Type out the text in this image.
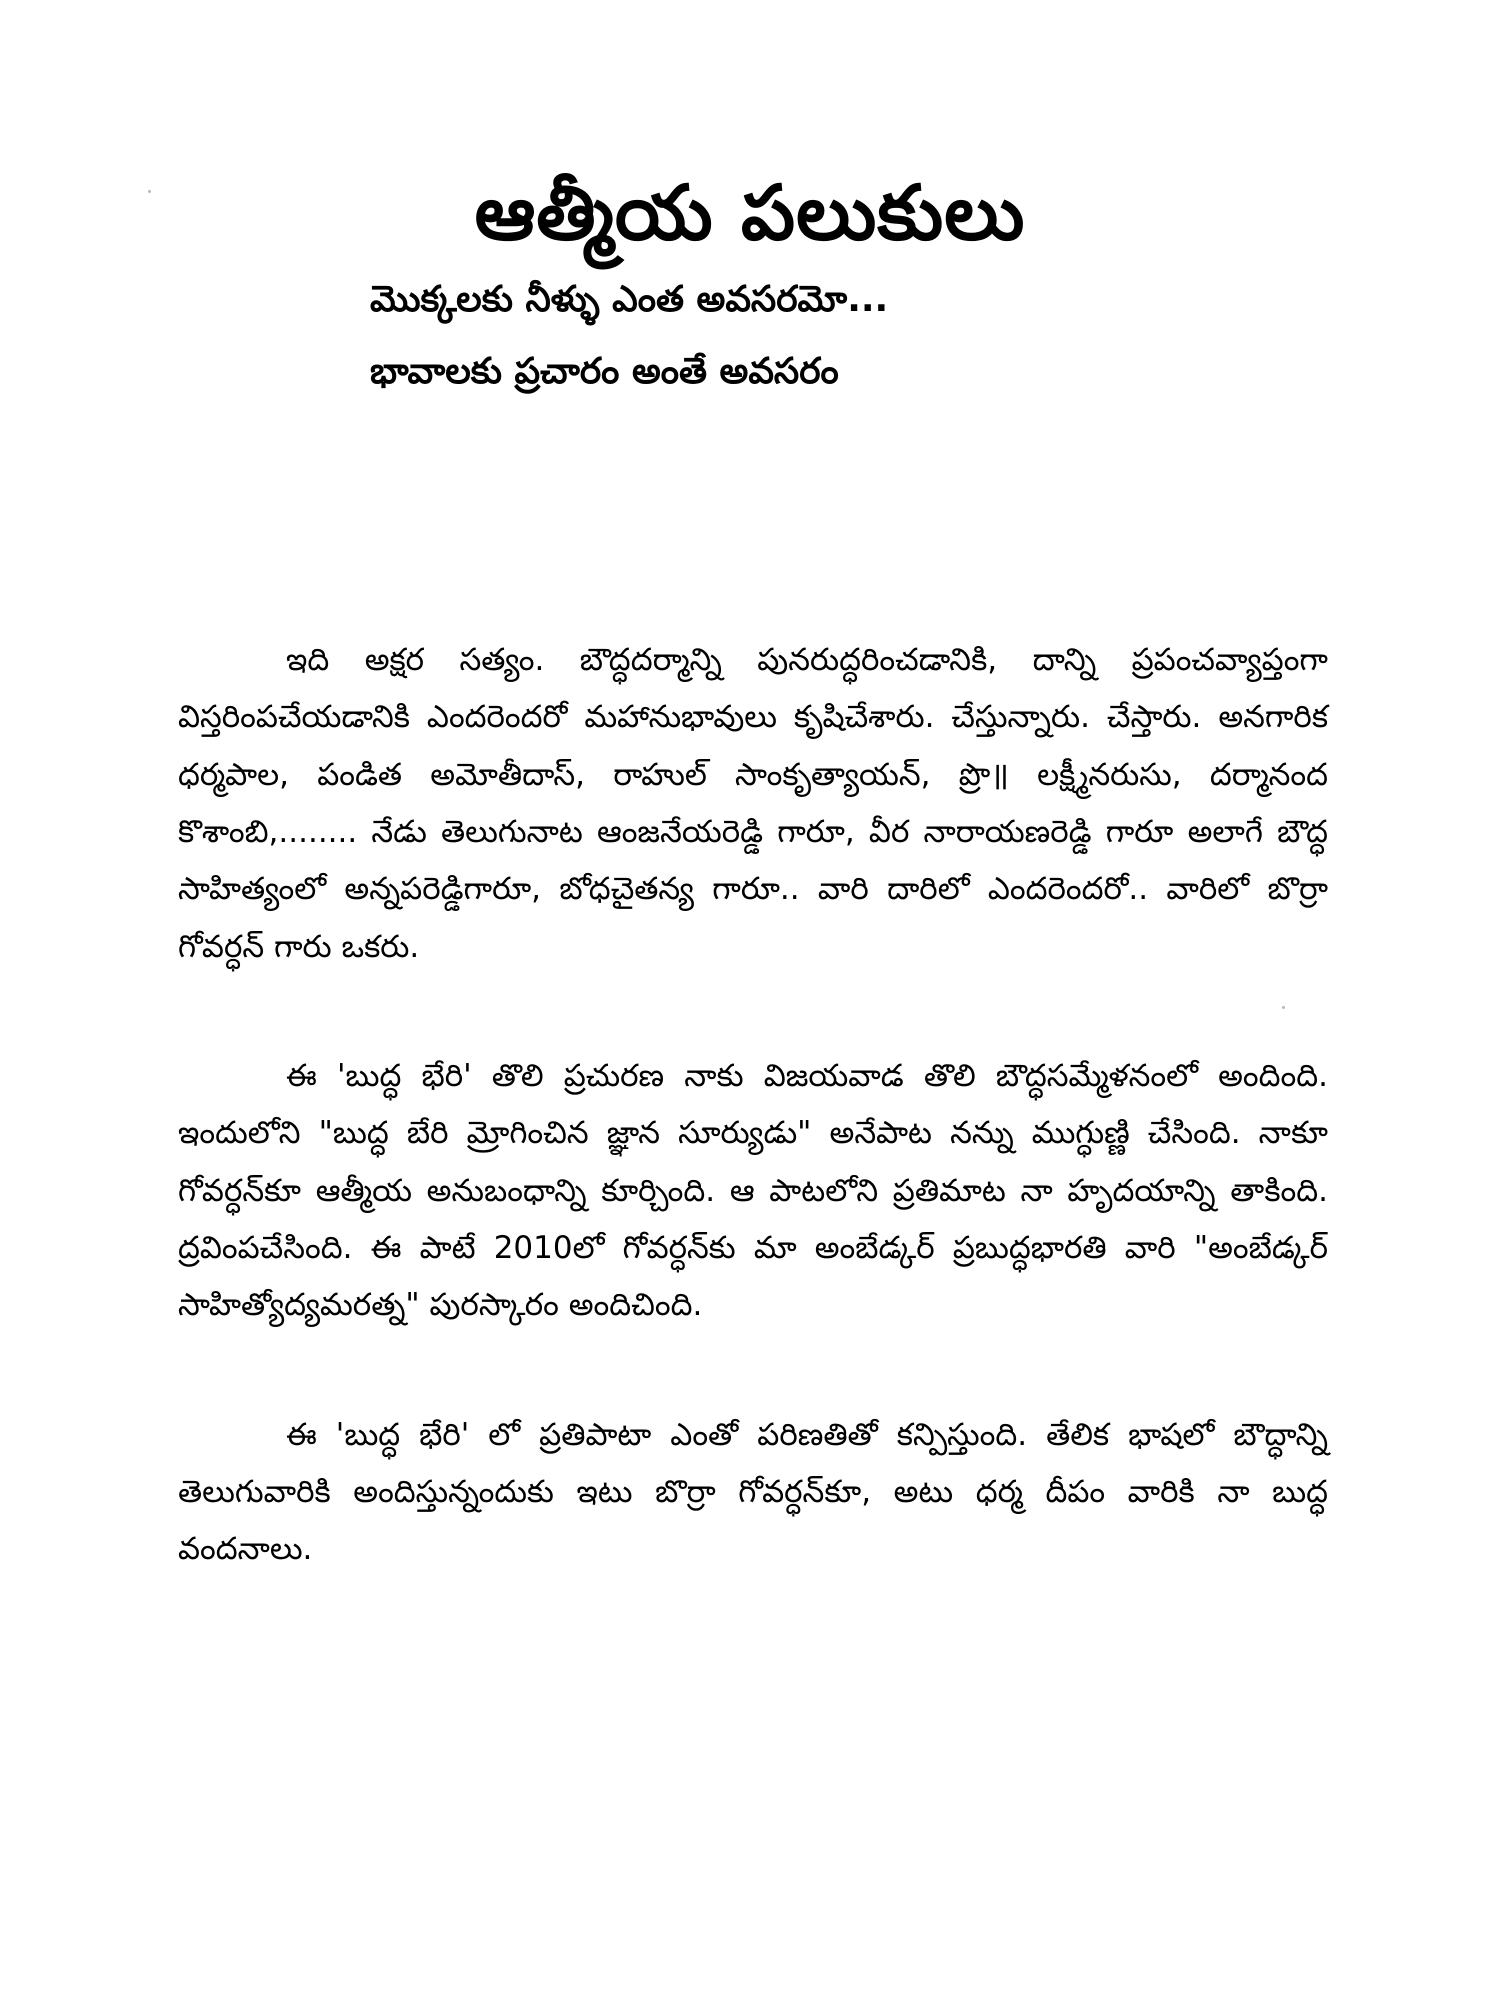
ఆత్మీయ పలుకులు
మొక్కలకు నీళ్ళు ఎంత అవసరమో...
భావాలకు ప్రచారం అంతే అవసరం

ఇది అక్షర సత్యం. బౌద్ధదర్మాన్ని పునరుద్ధరించడానికి, దాన్ని ప్రపంచవ్యాప్తంగా విస్తరింపచేయడానికి ఎందరెందరో మహానుభావులు కృషిచేశారు. చేస్తున్నారు. చేస్తారు. అనగారిక ధర్మపాల, పండిత అమోతీదాస్, రాహుల్ సాంకృత్యాయన్, ప్రొ॥ లక్ష్మీనరుసు, దర్మానంద కొశాంబి,........ నేడు తెలుగునాట ఆంజనేయరెడ్డి గారూ, వీర నారాయణరెడ్డి గారూ అలాగే బౌద్ధ సాహిత్యంలో అన్నపరెడ్డిగారూ, బోధచైతన్య గారూ.. వారి దారిలో ఎందరెందరో.. వారిలో బొర్రా గోవర్ధన్ గారు ఒకరు.

ఈ 'బుద్ధ భేరి' తొలి ప్రచురణ నాకు విజయవాడ తొలి బౌద్ధసమ్మేళనంలో అందింది. ఇందులోని "బుద్ధ బేరి మ్రోగించిన జ్ఞాన సూర్యుడు" అనేపాట నన్ను ముగ్ధుణ్ణి చేసింది. నాకూ గోవర్ధన్‌కూ ఆత్మీయ అనుబంధాన్ని కూర్చింది. ఆ పాటలోని ప్రతిమాట నా హృదయాన్ని తాకింది. ద్రవింపచేసింది. ఈ పాటే 2010లో గోవర్ధన్‌కు మా అంబేడ్కర్ ప్రబుద్ధభారతి వారి "అంబేడ్కర్ సాహిత్యోద్యమరత్న" పురస్కారం అందిచింది.

ఈ 'బుద్ధ భేరి' లో ప్రతిపాటా ఎంతో పరిణతితో కన్పిస్తుంది. తేలిక భాషలో బౌద్ధాన్ని తెలుగువారికి అందిస్తున్నందుకు ఇటు బొర్రా గోవర్ధన్‌కూ, అటు ధర్మ దీపం వారికి నా బుద్ధ వందనాలు.
